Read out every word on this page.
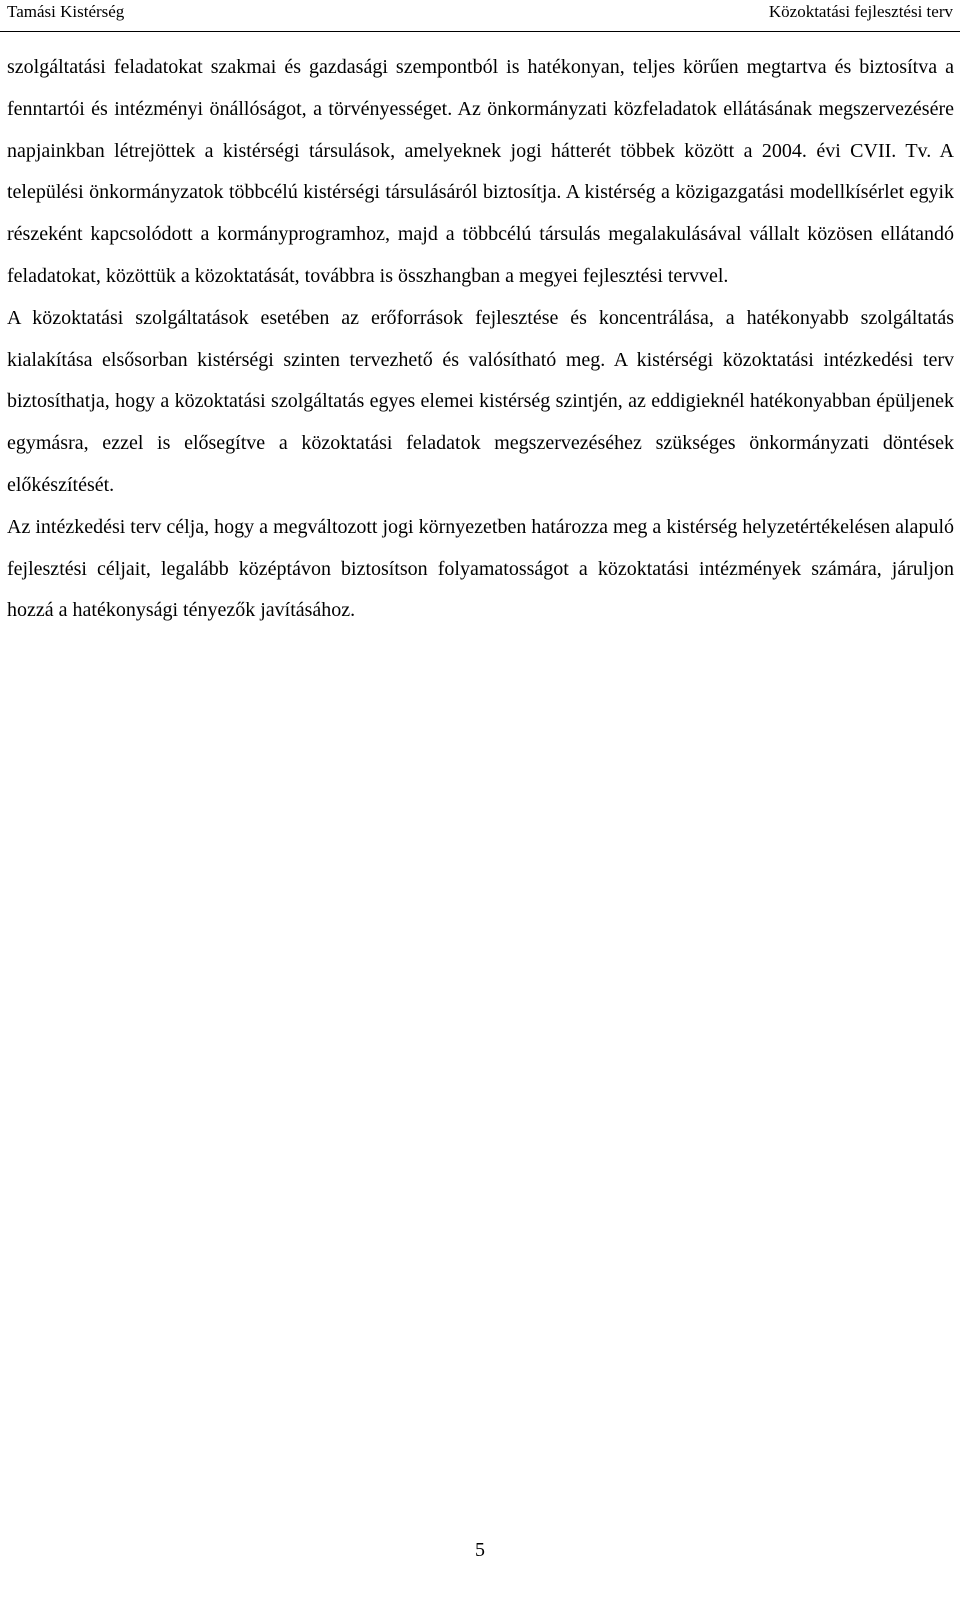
Tamási Kistérség	Közoktatási fejlesztési terv

szolgáltatási feladatokat szakmai és gazdasági szempontból is hatékonyan, teljes körűen megtartva és biztosítva a fenntartói és intézményi önállóságot, a törvényességet. Az önkormányzati közfeladatok ellátásának megszervezésére napjainkban létrejöttek a kistérségi társulások, amelyeknek jogi hátterét többek között a 2004. évi CVII. Tv. A települési önkormányzatok többcélú kistérségi társulásáról biztosítja. A kistérség a közigazgatási modellkísérlet egyik részeként kapcsolódott a kormányprogramhoz, majd a többcélú társulás megalakulásával vállalt közösen ellátandó feladatokat, közöttük a közoktatását, továbbra is összhangban a megyei fejlesztési tervvel.

A közoktatási szolgáltatások esetében az erőforrások fejlesztése és koncentrálása, a hatékonyabb szolgáltatás kialakítása elsősorban kistérségi szinten tervezhető és valósítható meg. A kistérségi közoktatási intézkedési terv biztosíthatja, hogy a közoktatási szolgáltatás egyes elemei kistérség szintjén, az eddigieknél hatékonyabban épüljenek egymásra, ezzel is elősegítve a közoktatási feladatok megszervezéséhez szükséges önkormányzati döntések előkészítését.

Az intézkedési terv célja, hogy a megváltozott jogi környezetben határozza meg a kistérség helyzetértékelésen alapuló fejlesztési céljait, legalább középtávon biztosítson folyamatosságot a közoktatási intézmények számára, járuljon hozzá a hatékonysági tényezők javításához.

5
